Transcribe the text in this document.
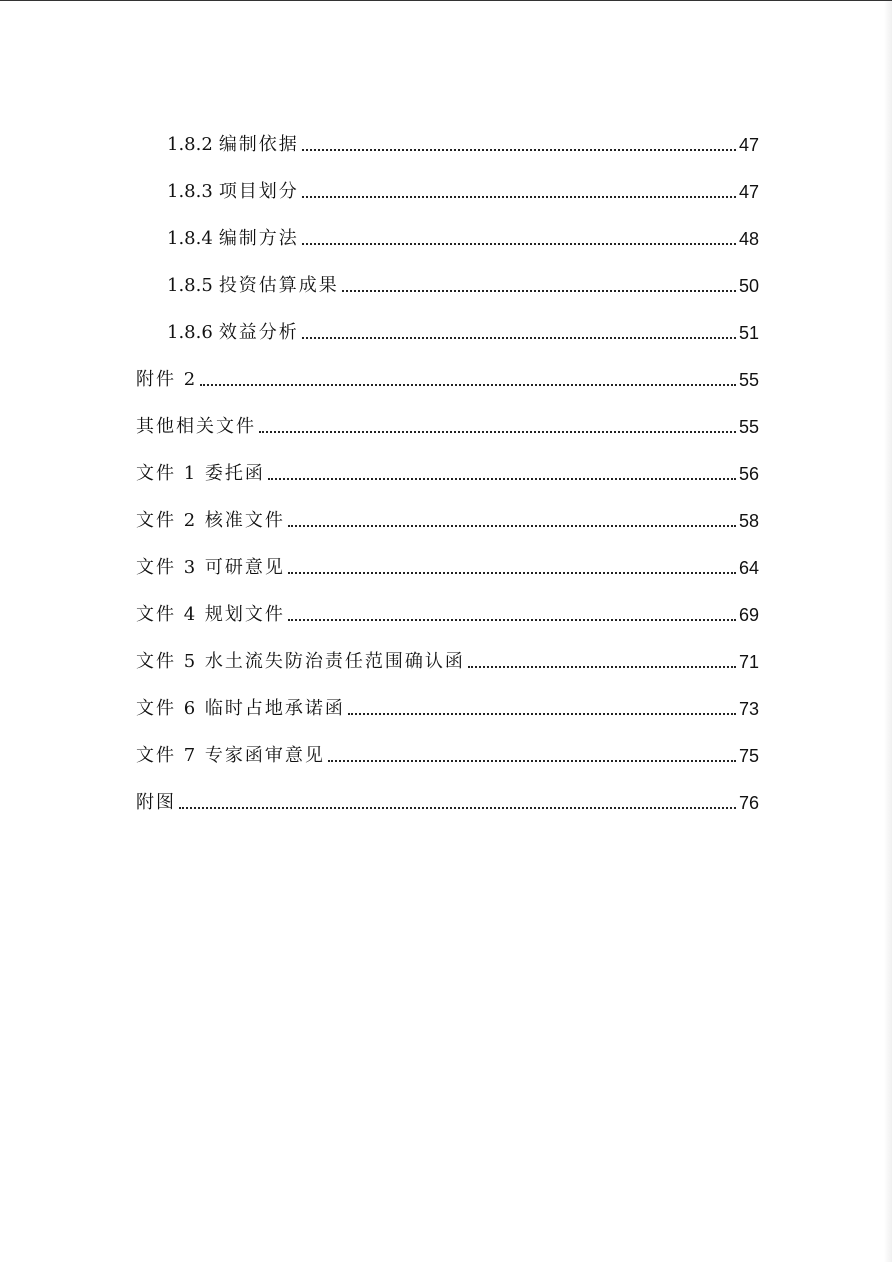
1.8.2 编制依据	47
1.8.3 项目划分	47
1.8.4 编制方法	48
1.8.5 投资估算成果	50
1.8.6 效益分析	51
附件 2	55
其他相关文件	55
文件 1 委托函	56
文件 2 核准文件	58
文件 3 可研意见	64
文件 4 规划文件	69
文件 5 水土流失防治责任范围确认函	71
文件 6 临时占地承诺函	73
文件 7 专家函审意见	75
附图	76
